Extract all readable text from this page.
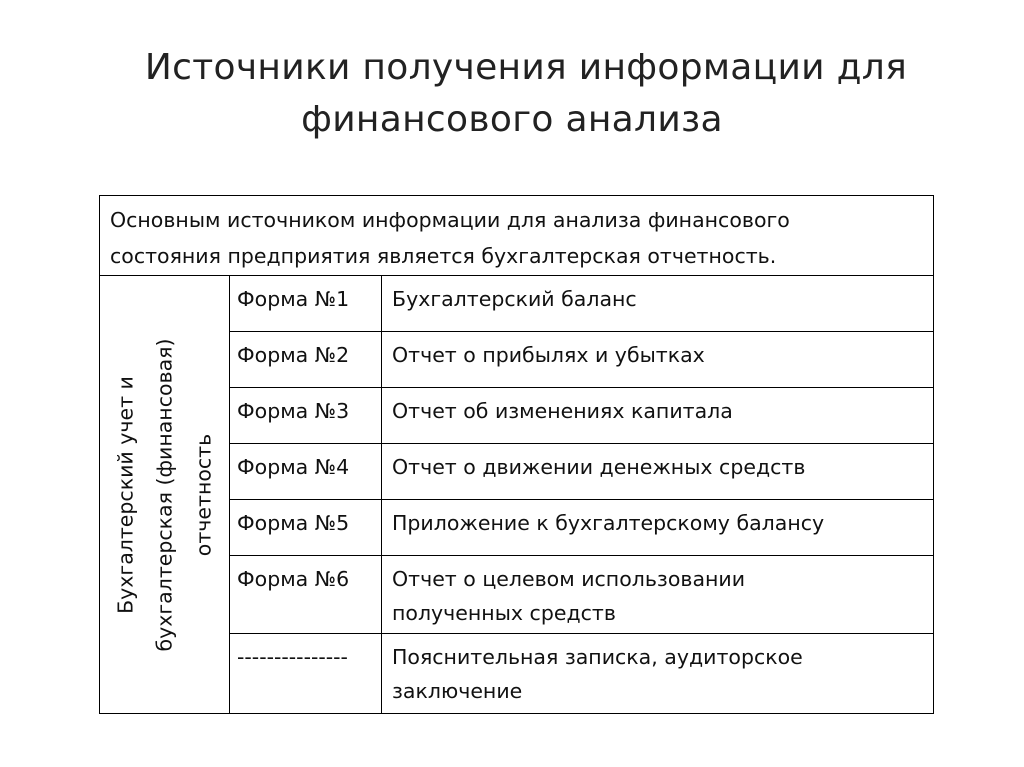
Источники получения информации для
финансового анализа
Основным источником информации для анализа финансового
состояния предприятия является бухгалтерская отчетность.
Бухгалтерский учет и бухгалтерская (финансовая) отчетность
Форма №1	Бухгалтерский баланс
Форма №2	Отчет о прибылях и убытках
Форма №3	Отчет об изменениях капитала
Форма №4	Отчет о движении денежных средств
Форма №5	Приложение к бухгалтерскому балансу
Форма №6	Отчет о целевом использовании
полученных средств
---------------	Пояснительная записка, аудиторское
заключение
